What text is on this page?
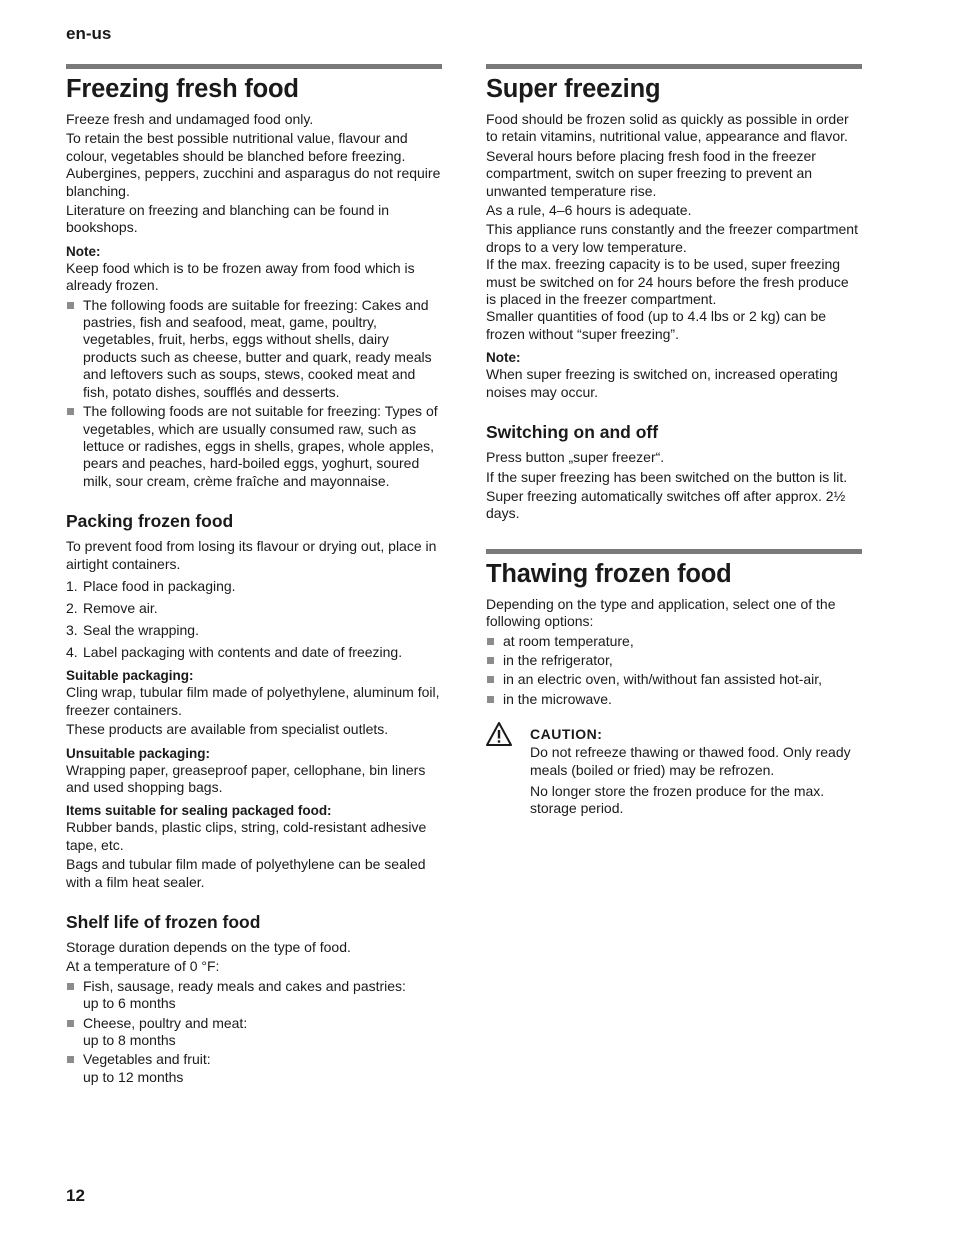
en-us
Freezing fresh food

Freeze fresh and undamaged food only.

To retain the best possible nutritional value, flavour and colour, vegetables should be blanched before freezing. Aubergines, peppers, zucchini and asparagus do not require blanching.

Literature on freezing and blanching can be found in bookshops.

Note:

Keep food which is to be frozen away from food which is already frozen.

The following foods are suitable for freezing: Cakes and pastries, fish and seafood, meat, game, poultry, vegetables, fruit, herbs, eggs without shells, dairy products such as cheese, butter and quark, ready meals and leftovers such as soups, stews, cooked meat and fish, potato dishes, soufflés and desserts.
The following foods are not suitable for freezing: Types of vegetables, which are usually consumed raw, such as lettuce or radishes, eggs in shells, grapes, whole apples, pears and peaches, hard-boiled eggs, yoghurt, soured milk, sour cream, crème fraîche and mayonnaise.
Packing frozen food

To prevent food from losing its flavour or drying out, place in airtight containers.

1. Place food in packaging.
2. Remove air.
3. Seal the wrapping.
4. Label packaging with contents and date of freezing.
Suitable packaging:

Cling wrap, tubular film made of polyethylene, aluminum foil, freezer containers.

These products are available from specialist outlets.

Unsuitable packaging:

Wrapping paper, greaseproof paper, cellophane, bin liners and used shopping bags.

Items suitable for sealing packaged food:

Rubber bands, plastic clips, string, cold-resistant adhesive tape, etc.

Bags and tubular film made of polyethylene can be sealed with a film heat sealer.

Shelf life of frozen food

Storage duration depends on the type of food.

At a temperature of 0 °F:

Fish, sausage, ready meals and cakes and pastries:
up to 6 months
Cheese, poultry and meat:
up to 8 months
Vegetables and fruit:
up to 12 months
Super freezing

Food should be frozen solid as quickly as possible in order to retain vitamins, nutritional value, appearance and flavor.

Several hours before placing fresh food in the freezer compartment, switch on super freezing to prevent an unwanted temperature rise.

As a rule, 4–6 hours is adequate.

This appliance runs constantly and the freezer compartment drops to a very low temperature.

If the max. freezing capacity is to be used, super freezing must be switched on for 24 hours before the fresh produce is placed in the freezer compartment.

Smaller quantities of food (up to 4.4 lbs or 2 kg) can be frozen without “super freezing”.

Note:

When super freezing is switched on, increased operating noises may occur.

Switching on and off

Press button „super freezer“.

If the super freezing has been switched on the button is lit.

Super freezing automatically switches off after approx. 2½ days.

Thawing frozen food

Depending on the type and application, select one of the following options:

at room temperature,
in the refrigerator,
in an electric oven, with/without fan assisted hot-air,
in the microwave.
CAUTION:

Do not refreeze thawing or thawed food. Only ready meals (boiled or fried) may be refrozen.

No longer store the frozen produce for the max. storage period.

12
